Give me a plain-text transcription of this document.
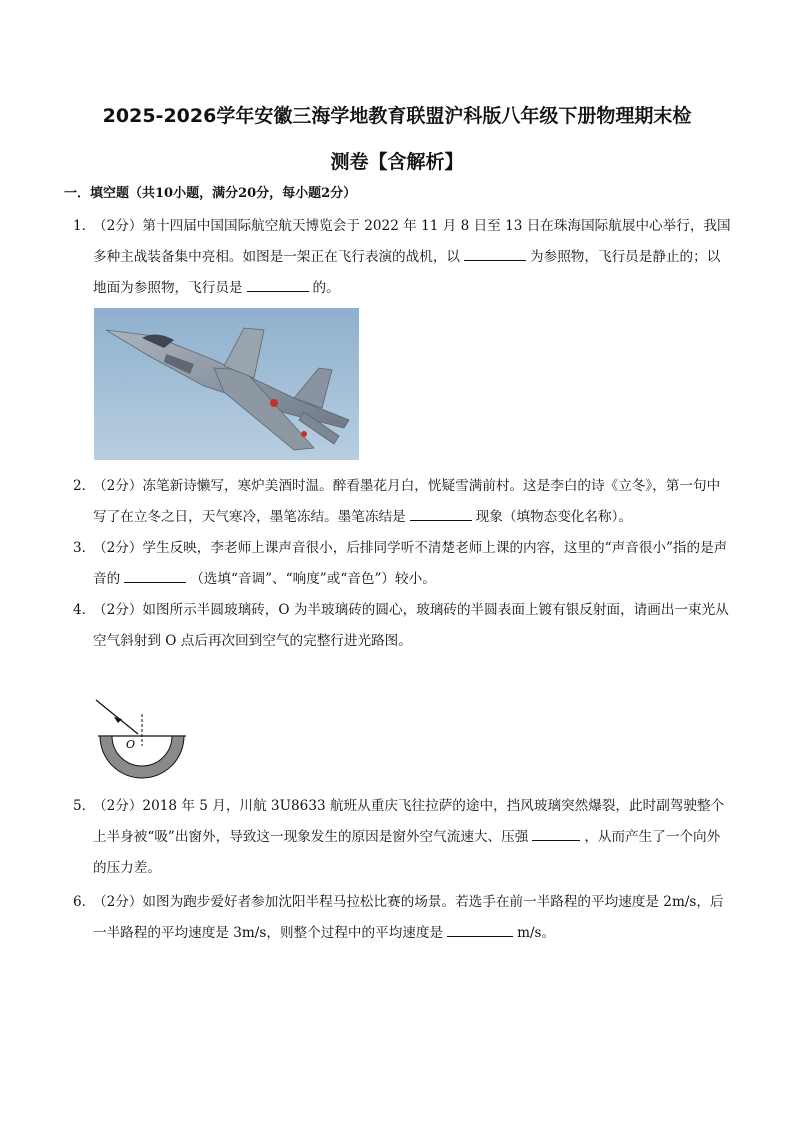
2025-2026学年安徽三海学地教育联盟沪科版八年级下册物理期末检
测卷【含解析】
一．填空题（共10小题，满分20分，每小题2分）
1．
（2分）第十四届中国国际航空航天博览会于 2022 年 11 月 8 日至 13 日在珠海国际航展中心举行，我国多种主战装备集中亮相。如图是一架正在飞行表演的战机，以	为参照物，飞行员是静止的；以地面为参照物，飞行员是	的。
2．
（2分）冻笔新诗懒写，寒炉美酒时温。醉看墨花月白，恍疑雪满前村。这是李白的诗《立冬》，第一句中写了在立冬之日，天气寒冷，墨笔冻结。墨笔冻结是	现象（填物态变化名称）。
3．
（2分）学生反映，李老师上课声音很小，后排同学听不清楚老师上课的内容，这里的“声音很小”指的是声音的	（选填“音调”、“响度”或“音色”）较小。
4．
（2分）如图所示半圆玻璃砖，O 为半玻璃砖的圆心，玻璃砖的半圆表面上镀有银反射面，请画出一束光从空气斜射到 O 点后再次回到空气的完整行进光路图。
O
5．
（2分）2018 年 5 月，川航 3U8633 航班从重庆飞往拉萨的途中，挡风玻璃突然爆裂，此时副驾驶整个上半身被“吸”出窗外，导致这一现象发生的原因是窗外空气流速大、压强	，从而产生了一个向外的压力差。
6．
（2分）如图为跑步爱好者参加沈阳半程马拉松比赛的场景。若选手在前一半路程的平均速度是 2m/s，后一半路程的平均速度是 3m/s，则整个过程中的平均速度是	m/s。
